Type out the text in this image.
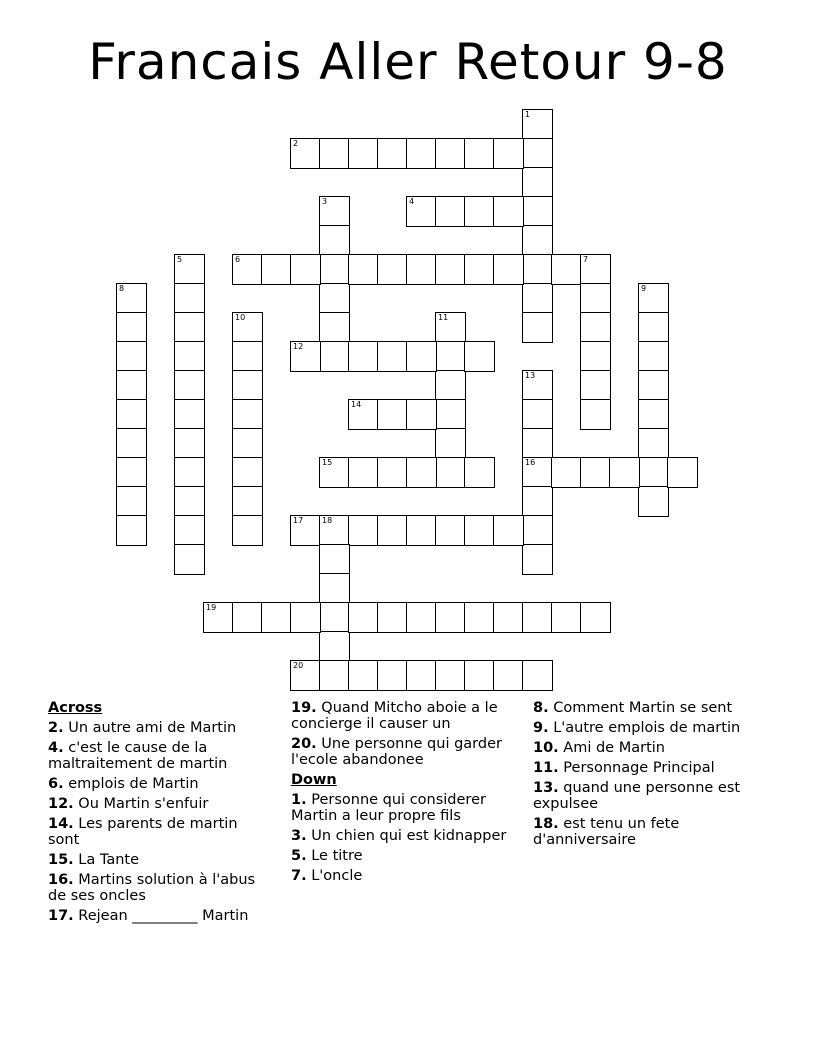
Francais Aller Retour 9-8
1
2
3	4
5	6	7
8	9
10	11
12
13
16
14
15
17 18
19
20
Across
2. Un autre ami de Martin
4. c'est le cause de la maltraitement de martin
6. emplois de Martin
12. Ou Martin s'enfuir
14. Les parents de martin sont
15. La Tante
16. Martins solution à l'abus de ses oncles
17. Rejean _________ Martin
19. Quand Mitcho aboie a le concierge il causer un
20. Une personne qui garder l'ecole abandonee
Down
1. Personne qui considerer Martin a leur propre fils
3. Un chien qui est kidnapper
5. Le titre
7. L'oncle
8. Comment Martin se sent
9. L'autre emplois de martin
10. Ami de Martin
11. Personnage Principal
13. quand une personne est expulsee
18. est tenu un fete d'anniversaire
